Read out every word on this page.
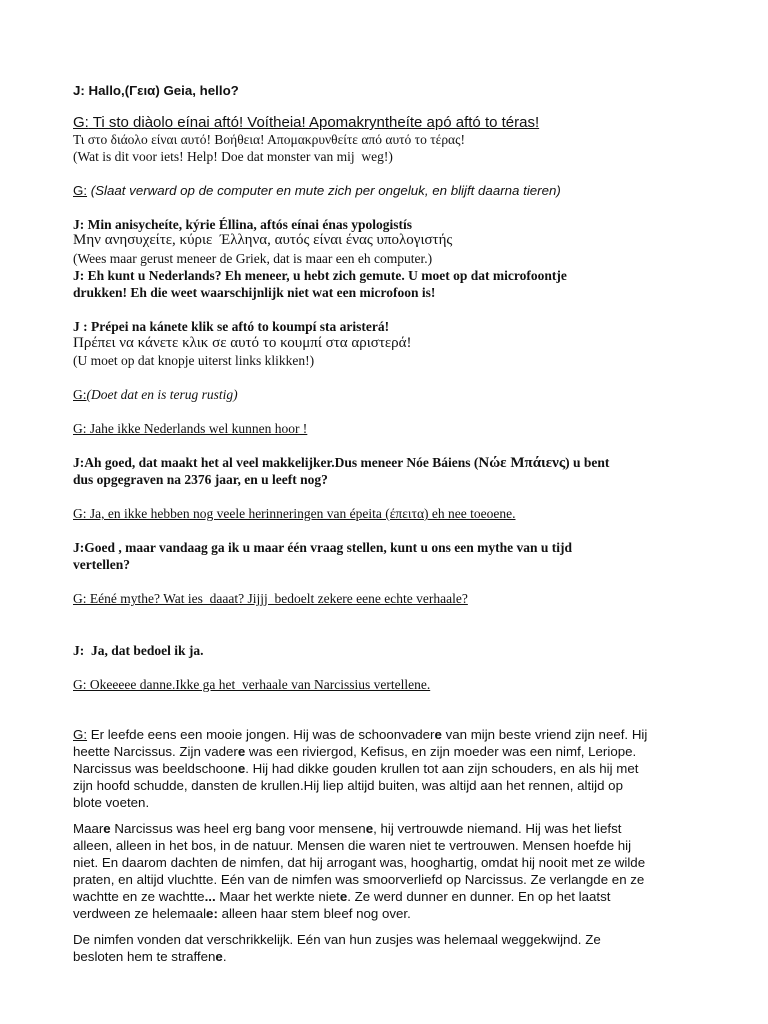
J: Hallo,(Γεια) Geia, hello?
G: Ti sto diàolo eínai aftó! Voítheia! Apomakryntheíte apó aftó to téras!
Τι στο διάολο είναι αυτό! Βοήθεια! Απομακρυνθείτε από αυτό το τέρας!
(Wat is dit voor iets! Help! Doe dat monster van mij  weg!)
G: (Slaat verward op de computer en mute zich per ongeluk, en blijft daarna tieren)
J: Min anisycheíte, kýrie Éllina, aftós eínai énas ypologistís
Μην ανησυχείτε, κύριε  Έλληνα, αυτός είναι ένας υπολογιστής
(Wees maar gerust meneer de Griek, dat is maar een eh computer.)
J: Eh kunt u Nederlands? Eh meneer, u hebt zich gemute. U moet op dat microfoontje
drukken! Eh die weet waarschijnlijk niet wat een microfoon is!
J : Prépei na kánete klik se aftó to koumpí sta aristerá!
Πρέπει να κάνετε κλικ σε αυτό το κουμπί στα αριστερά!
(U moet op dat knopje uiterst links klikken!)
G:(Doet dat en is terug rustig)
G: Jahe ikke Nederlands wel kunnen hoor !
J:Ah goed, dat maakt het al veel makkelijker.Dus meneer Nóe Báiens (Νώε Μπάιενς) u bent
dus opgegraven na 2376 jaar, en u leeft nog?
G: Ja, en ikke hebben nog veele herinneringen van épeita (έπειτα) eh nee toeoene.
J:Goed , maar vandaag ga ik u maar één vraag stellen, kunt u ons een mythe van u tijd
vertellen?
G: Eéné mythe? Wat ies  daaat? Jijjj  bedoelt zekere eene echte verhaale?
J:  Ja, dat bedoel ik ja.
G: Okeeeee danne.Ikke ga het  verhaale van Narcissius vertellene.
G: Er leefde eens een mooie jongen. Hij was de schoonvadere van mijn beste vriend zijn neef. Hij
heette Narcissus. Zijn vadere was een riviergod, Kefisus, en zijn moeder was een nimf, Leriope.
Narcissus was beeldschoone. Hij had dikke gouden krullen tot aan zijn schouders, en als hij met
zijn hoofd schudde, dansten de krullen.Hij liep altijd buiten, was altijd aan het rennen, altijd op
blote voeten.
Maare Narcissus was heel erg bang voor mensene, hij vertrouwde niemand. Hij was het liefst
alleen, alleen in het bos, in de natuur. Mensen die waren niet te vertrouwen. Mensen hoefde hij
niet. En daarom dachten de nimfen, dat hij arrogant was, hooghartig, omdat hij nooit met ze wilde
praten, en altijd vluchtte. Eén van de nimfen was smoorverliefd op Narcissus. Ze verlangde en ze
wachtte en ze wachtte... Maar het werkte niete. Ze werd dunner en dunner. En op het laatst
verdween ze helemaale: alleen haar stem bleef nog over.
De nimfen vonden dat verschrikkelijk. Eén van hun zusjes was helemaal weggekwijnd. Ze
besloten hem te straffene.
